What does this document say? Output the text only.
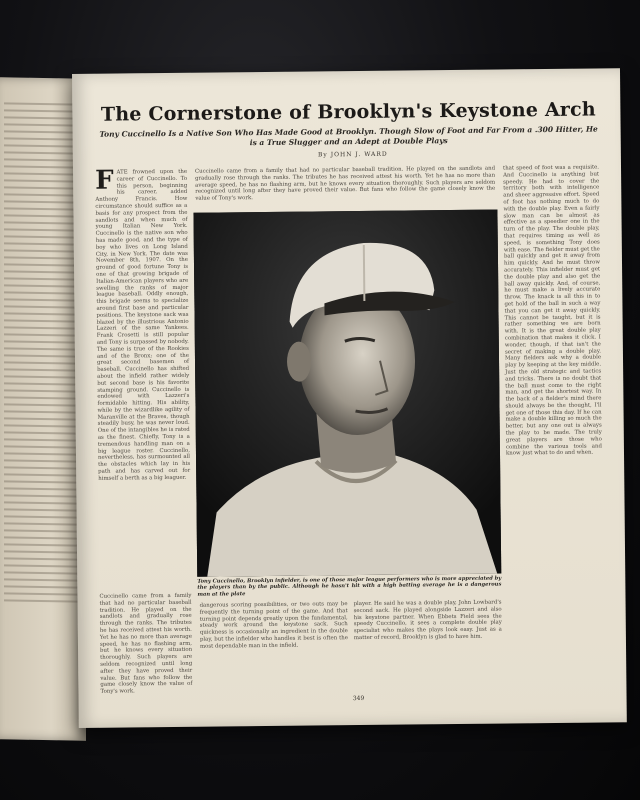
The Cornerstone of Brooklyn's Keystone Arch
Tony Cuccinello Is a Native Son Who Has Made Good at Brooklyn. Though Slow of Foot and Far From a .300 Hitter, He is a True Slugger and an Adept at Double Plays
By JOHN J. WARD
FATE frowned upon the career of Cuccinello. To this person, beginning his career, added Anthony Francis. How circumstance should suffice as a basis for any prospect from the sandlots and when much of young Italian New York. Cuccinello is the native son who has made good, and the type of boy who lives on Long Island City, in New York. The date was November 8th, 1907. On the ground of good fortune Tony is one of that growing brigade of Italian-American players who are swelling the ranks of major league baseball. Oddly enough, this brigade seems to specialize around first base and particular positions. The keystone sack was blazed by the illustrious Antonio Lazzeri of the same Yankees. Frank Crosetti is still popular and Tony is surpassed by nobody. The same is true of the Rookies and of the Bronx; one of the great second basemen of baseball. Cuccinello has shifted about the infield rather widely but second base is his favorite stamping ground. Cuccinello is endowed with Lazzeri's formidable hitting. His ability, while by the wizardlike agility of Maranville at the Braves, though steadily busy, he was never loud. One of the intangibles he is rated as the finest. Chiefly, Tony is a tremendous handling man on a big league roster. Cuccinello, nevertheless, has surmounted all the obstacles which lay in his path and has carved out for himself a berth as a big leaguer.
Cuccinello came from a family that had no particular baseball tradition. He played on the sandlots and gradually rose through the ranks. The tributes he has received attest his worth. Yet he has no more than average speed, he has no flashing arm, but he knows every situation thoroughly. Such players are seldom recognized until long after they have proved their value. But fans who follow the game closely know the value of Tony's work.
that speed of foot was a requisite. And Cuccinello is anything but speedy. He had to cover the territory both with intelligence and sheer aggressive effort. Speed of foot has nothing much to do with the double play. Even a fairly slow man can be almost as effective as a speedier one in the turn of the play. The double play, that requires timing as well as speed, is something Tony does with ease. The fielder must get the ball quickly and get it away from him quickly. And he must throw accurately. This infielder must get the double play and also get the ball away quickly. And, of course, he must make a lively accurate throw. The knack is all this in to get hold of the ball in such a way that you can get it away quickly. This cannot be taught, but it is rather something we are born with. It is the great double play combination that makes it click. I wonder, though, if that isn't the secret of making a double play. Many fielders ask why a double play by keeping at the key middle. Just the old strategic and tactics and tricks. There is no doubt that the ball must come to the right man, and get the shortest way. In the back of a fielder's mind there should always be the thought, I'll get one of those this day. If he can make a double killing so much the better, but any one out is always the play to be made. The truly great players are those who combine the various tools and know just what to do and when.
Tony Cuccinello, Brooklyn infielder, is one of those major league performers who is more appreciated by the players than by the public. Although he hasn't hit with a high batting average he is a dangerous man at the plate
Cuccinello came from a family that had no particular baseball tradition. He played on the sandlots and gradually rose through the ranks. The tributes he has received attest his worth. Yet he has no more than average speed, he has no flashing arm, but he knows every situation thoroughly. Such players are seldom recognized until long after they have proved their value. But fans who follow the game closely know the value of Tony's work.
dangerous scoring possibilities, or two outs may be frequently the turning point of the game. And that turning point depends greatly upon the fundamental, steady work around the keystone sack. Such quickness is occasionally an ingredient in the double play, but the infielder who handles it best is often the most dependable man in the infield.
player. He said he was a double play, John Lowbard's second sack. He played alongside Lazzeri and also his keystone partner. When Ebbets Field sees the speedy Cuccinello, it sees a complete double play specialist who makes the plays look easy. Just as a matter of record, Brooklyn is glad to have him.
349
